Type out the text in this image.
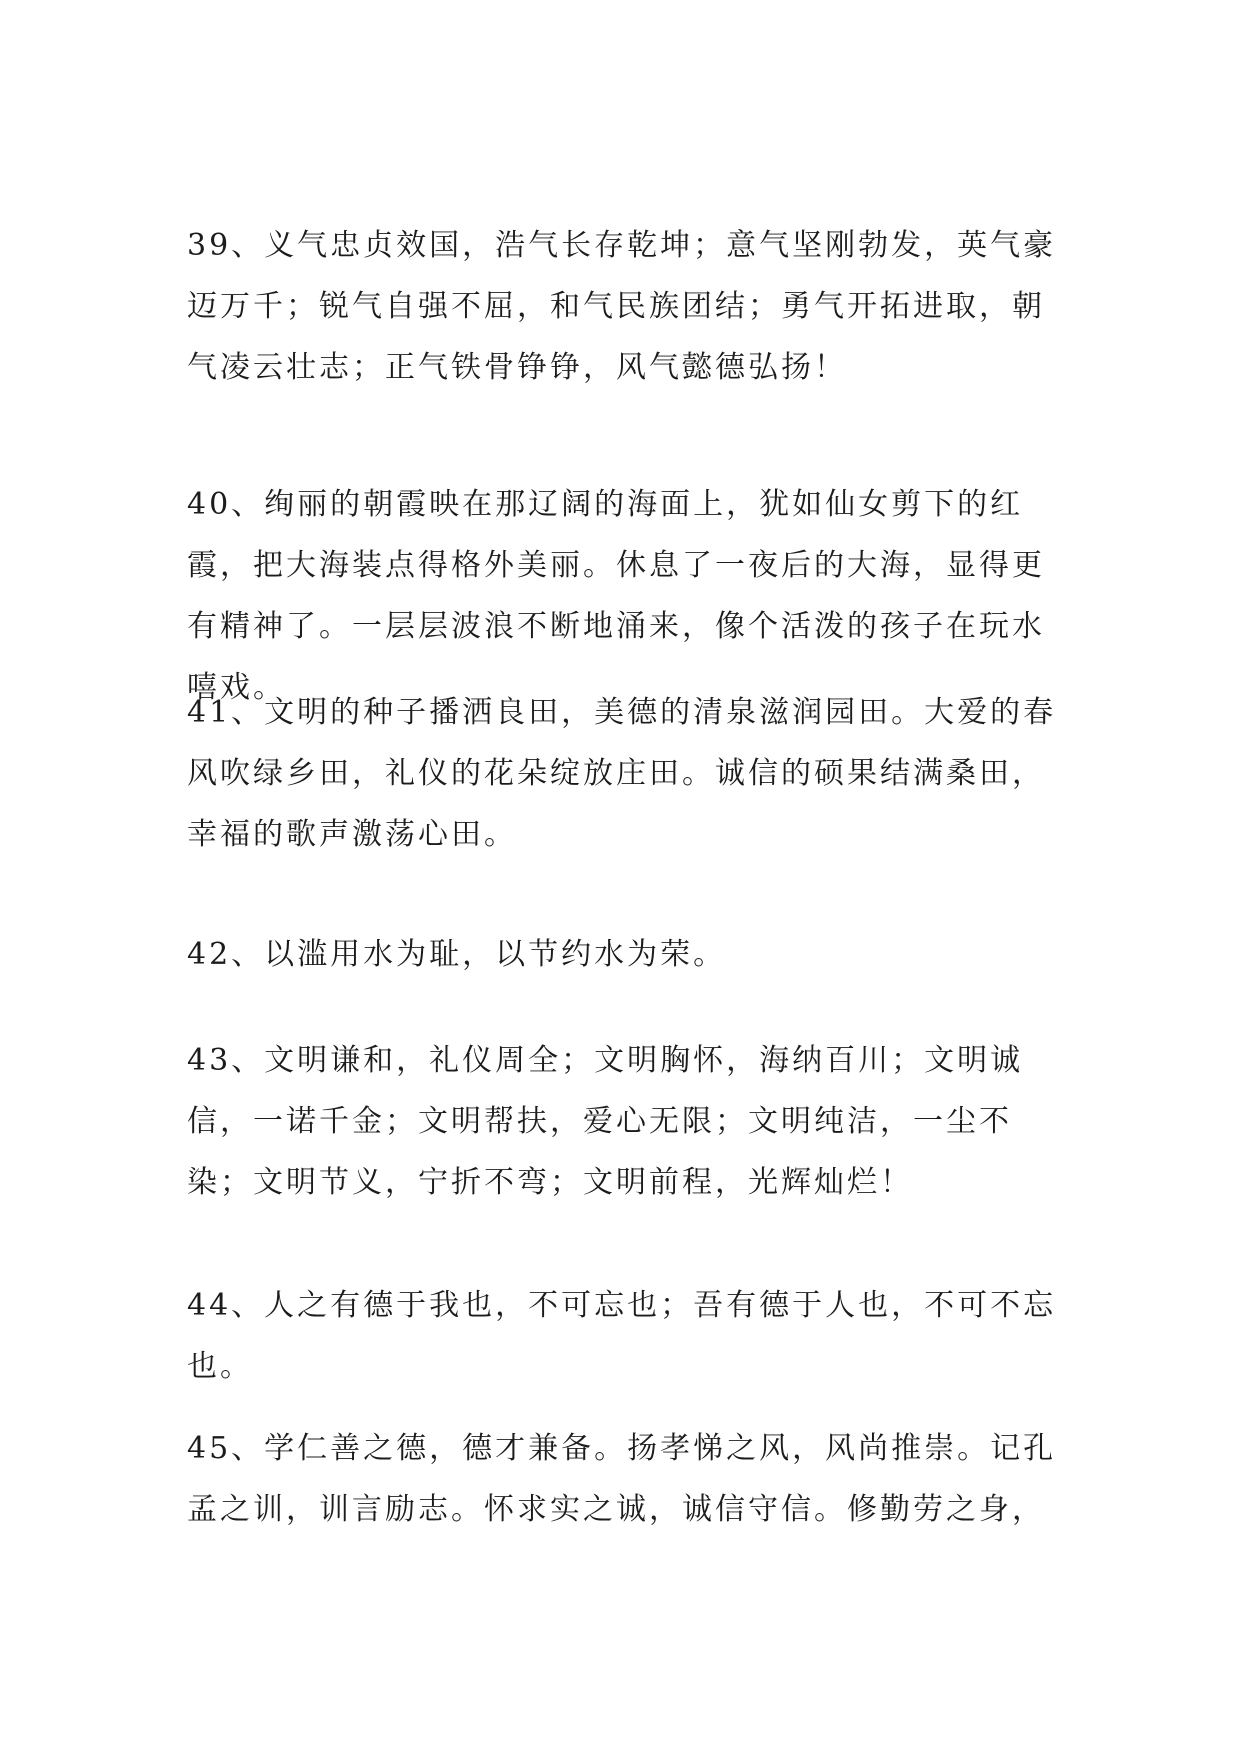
39、义气忠贞效国，浩气长存乾坤；意气坚刚勃发，英气豪迈万千；锐气自强不屈，和气民族团结；勇气开拓进取，朝气凌云壮志；正气铁骨铮铮，风气懿德弘扬！

40、绚丽的朝霞映在那辽阔的海面上，犹如仙女剪下的红霞，把大海装点得格外美丽。休息了一夜后的大海，显得更有精神了。一层层波浪不断地涌来，像个活泼的孩子在玩水嘻戏。

41、文明的种子播洒良田，美德的清泉滋润园田。大爱的春风吹绿乡田，礼仪的花朵绽放庄田。诚信的硕果结满桑田，幸福的歌声激荡心田。

42、以滥用水为耻，以节约水为荣。

43、文明谦和，礼仪周全；文明胸怀，海纳百川；文明诚信，一诺千金；文明帮扶，爱心无限；文明纯洁，一尘不染；文明节义，宁折不弯；文明前程，光辉灿烂！

44、人之有德于我也，不可忘也；吾有德于人也，不可不忘也。

45、学仁善之德，德才兼备。扬孝悌之风，风尚推崇。记孔孟之训，训言励志。怀求实之诚，诚信守信。修勤劳之身，
